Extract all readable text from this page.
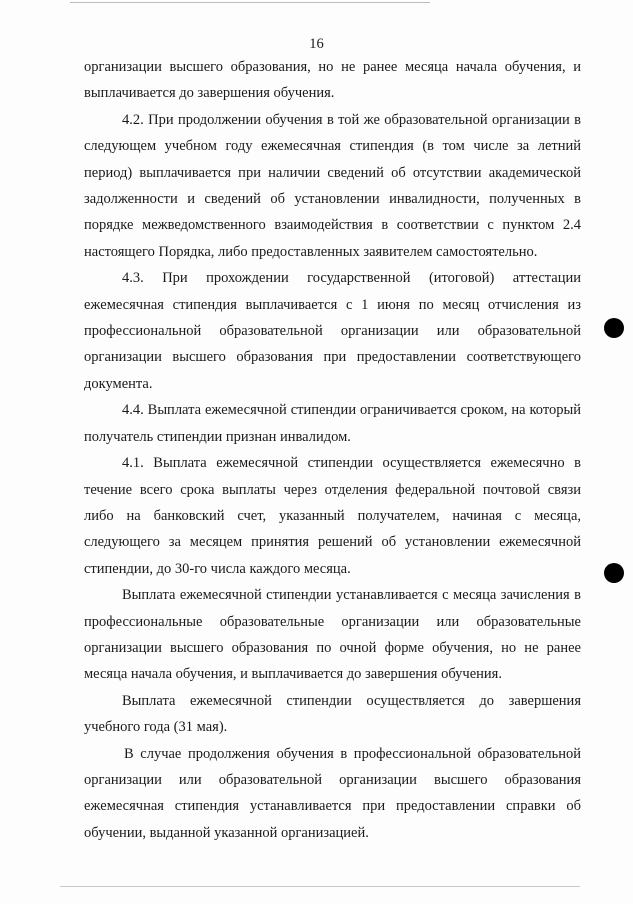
16

организации высшего образования, но не ранее месяца начала обучения, и выплачивается до завершения обучения.

4.2. При продолжении обучения в той же образовательной организации в следующем учебном году ежемесячная стипендия (в том числе за летний период) выплачивается при наличии сведений об отсутствии академической задолженности и сведений об установлении инвалидности, полученных в порядке межведомственного взаимодействия в соответствии с пунктом 2.4 настоящего Порядка, либо предоставленных заявителем самостоятельно.

4.3. При прохождении государственной (итоговой) аттестации ежемесячная стипендия выплачивается с 1 июня по месяц отчисления из профессиональной образовательной организации или образовательной организации высшего образования при предоставлении соответствующего документа.

4.4. Выплата ежемесячной стипендии ограничивается сроком, на который получатель стипендии признан инвалидом.

4.1. Выплата ежемесячной стипендии осуществляется ежемесячно в течение всего срока выплаты через отделения федеральной почтовой связи либо на банковский счет, указанный получателем, начиная с месяца, следующего за месяцем принятия решений об установлении ежемесячной стипендии, до 30-го числа каждого месяца.

Выплата ежемесячной стипендии устанавливается с месяца зачисления в профессиональные образовательные организации или образовательные организации высшего образования по очной форме обучения, но не ранее месяца начала обучения, и выплачивается до завершения обучения.

Выплата ежемесячной стипендии осуществляется до завершения учебного года (31 мая).

В случае продолжения обучения в профессиональной образовательной организации или образовательной организации высшего образования ежемесячная стипендия устанавливается при предоставлении справки об обучении, выданной указанной организацией.
